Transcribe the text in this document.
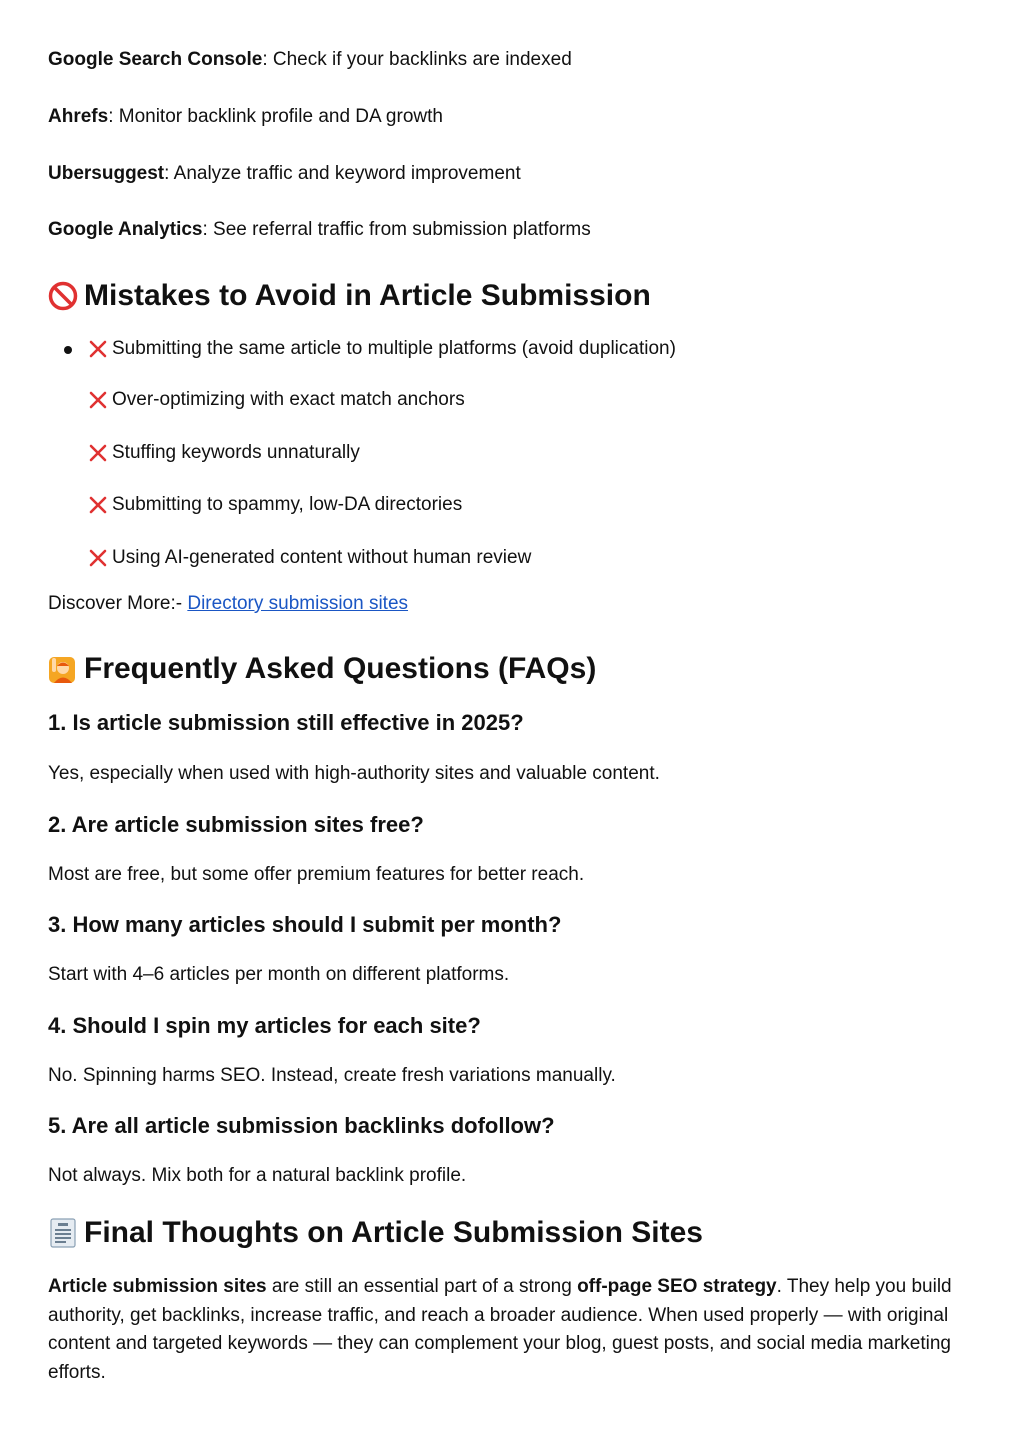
Google Search Console: Check if your backlinks are indexed
Ahrefs: Monitor backlink profile and DA growth
Ubersuggest: Analyze traffic and keyword improvement
Google Analytics: See referral traffic from submission platforms
Mistakes to Avoid in Article Submission
Submitting the same article to multiple platforms (avoid duplication)
Over-optimizing with exact match anchors
Stuffing keywords unnaturally
Submitting to spammy, low-DA directories
Using AI-generated content without human review
Discover More:- Directory submission sites
Frequently Asked Questions (FAQs)
1. Is article submission still effective in 2025?
Yes, especially when used with high-authority sites and valuable content.
2. Are article submission sites free?
Most are free, but some offer premium features for better reach.
3. How many articles should I submit per month?
Start with 4–6 articles per month on different platforms.
4. Should I spin my articles for each site?
No. Spinning harms SEO. Instead, create fresh variations manually.
5. Are all article submission backlinks dofollow?
Not always. Mix both for a natural backlink profile.
Final Thoughts on Article Submission Sites
Article submission sites are still an essential part of a strong off-page SEO strategy. They help you build authority, get backlinks, increase traffic, and reach a broader audience. When used properly — with original content and targeted keywords — they can complement your blog, guest posts, and social media marketing efforts.
